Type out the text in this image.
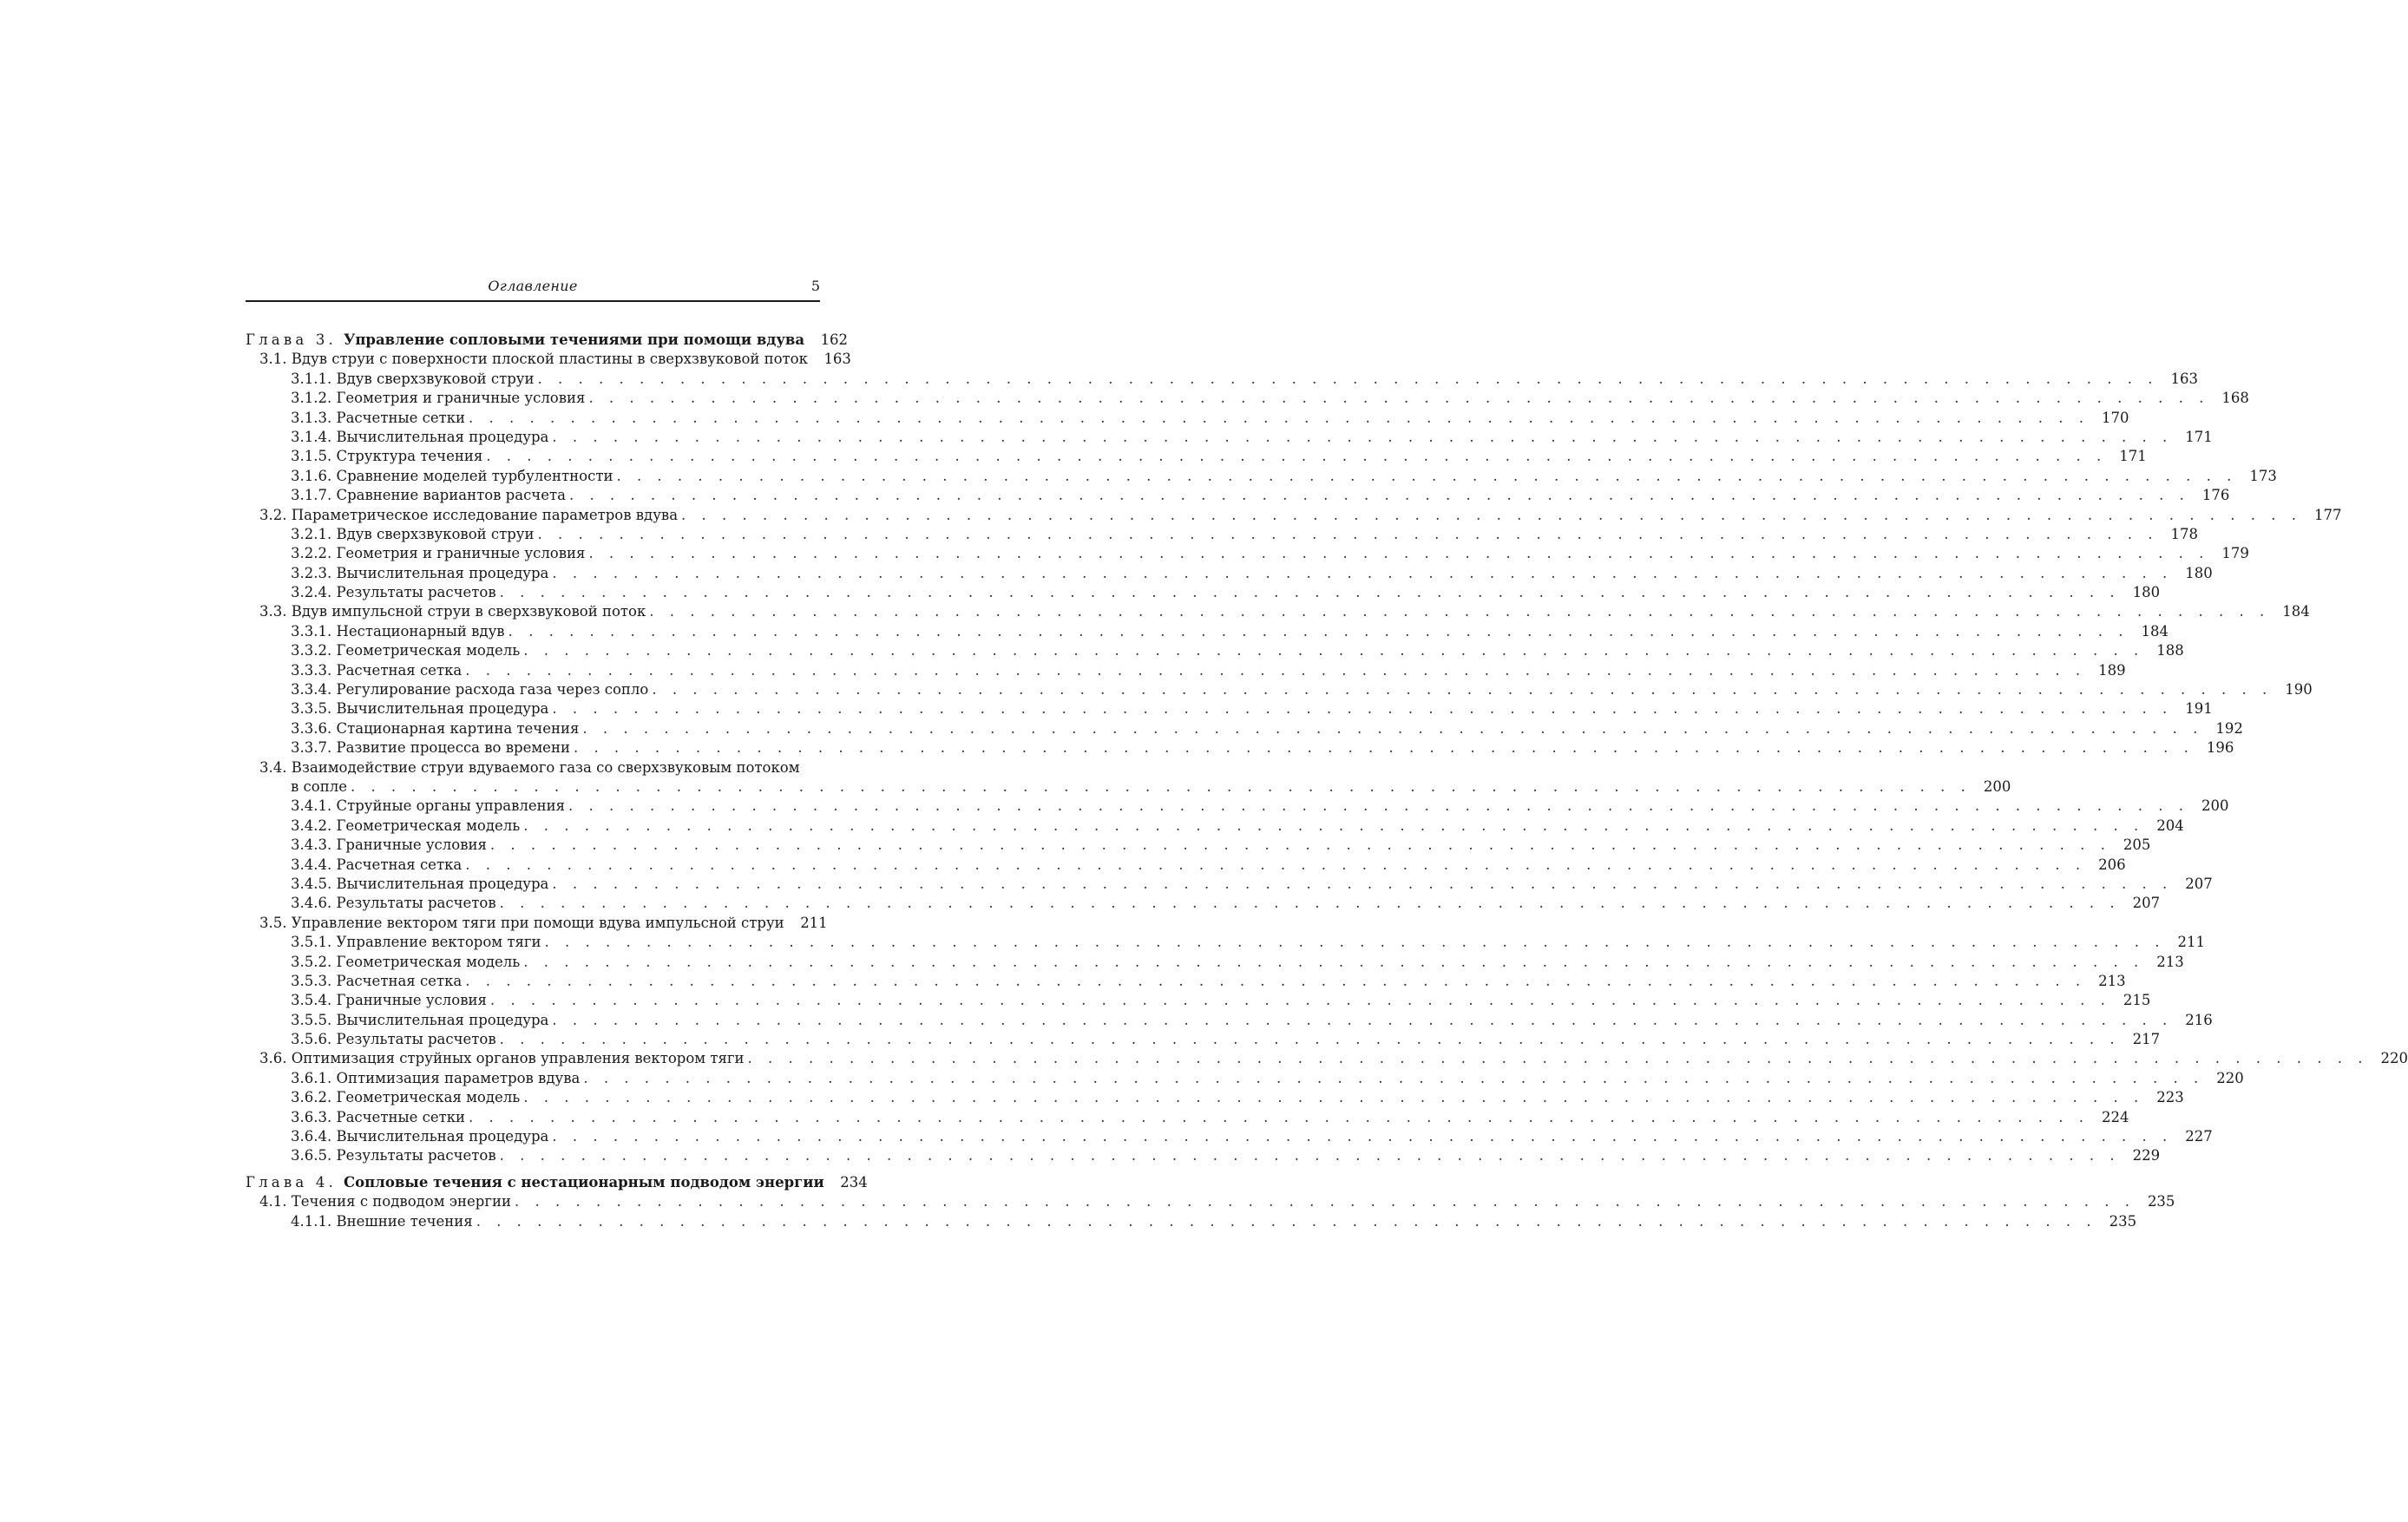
Оглавление	5
Глава 3. Управление сопловыми течениями при помощи вдува	162
3.1. Вдув струи с поверхности плоской пластины в сверхзвуковой поток	163
3.1.1. Вдув сверхзвуковой струи . . . . . . . . . . . . . . . . . . . . . . . . . . . . . . . . . . . . . . . . . . . . . . . . . . . . . . . . . . . . . . . . . . . . . . . . . . . . . . . . 163
3.1.2. Геометрия и граничные условия . . . . . . . . . . . . . . . . . . . . . . . . . . . . . . . . . . . . . . . . . . . . . . . . . . . . . . . . . . . . . . . . . . . . . . . . . . . . . . . . 168
3.1.3. Расчетные сетки . . . . . . . . . . . . . . . . . . . . . . . . . . . . . . . . . . . . . . . . . . . . . . . . . . . . . . . . . . . . . . . . . . . . . . . . . . . . . . . . 170
3.1.4. Вычислительная процедура . . . . . . . . . . . . . . . . . . . . . . . . . . . . . . . . . . . . . . . . . . . . . . . . . . . . . . . . . . . . . . . . . . . . . . . . . . . . . . . . 171
3.1.5. Структура течения . . . . . . . . . . . . . . . . . . . . . . . . . . . . . . . . . . . . . . . . . . . . . . . . . . . . . . . . . . . . . . . . . . . . . . . . . . . . . . . . 171
3.1.6. Сравнение моделей турбулентности . . . . . . . . . . . . . . . . . . . . . . . . . . . . . . . . . . . . . . . . . . . . . . . . . . . . . . . . . . . . . . . . . . . . . . . . . . . . . . . . 173
3.1.7. Сравнение вариантов расчета . . . . . . . . . . . . . . . . . . . . . . . . . . . . . . . . . . . . . . . . . . . . . . . . . . . . . . . . . . . . . . . . . . . . . . . . . . . . . . . . 176
3.2. Параметрическое исследование параметров вдува . . . . . . . . . . . . . . . . . . . . . . . . . . . . . . . . . . . . . . . . . . . . . . . . . . . . . . . . . . . . . . . . . . . . . . . . . . . . . . . . 177
3.2.1. Вдув сверхзвуковой струи . . . . . . . . . . . . . . . . . . . . . . . . . . . . . . . . . . . . . . . . . . . . . . . . . . . . . . . . . . . . . . . . . . . . . . . . . . . . . . . . 178
3.2.2. Геометрия и граничные условия . . . . . . . . . . . . . . . . . . . . . . . . . . . . . . . . . . . . . . . . . . . . . . . . . . . . . . . . . . . . . . . . . . . . . . . . . . . . . . . . 179
3.2.3. Вычислительная процедура . . . . . . . . . . . . . . . . . . . . . . . . . . . . . . . . . . . . . . . . . . . . . . . . . . . . . . . . . . . . . . . . . . . . . . . . . . . . . . . . 180
3.2.4. Результаты расчетов . . . . . . . . . . . . . . . . . . . . . . . . . . . . . . . . . . . . . . . . . . . . . . . . . . . . . . . . . . . . . . . . . . . . . . . . . . . . . . . . 180
3.3. Вдув импульсной струи в сверхзвуковой поток . . . . . . . . . . . . . . . . . . . . . . . . . . . . . . . . . . . . . . . . . . . . . . . . . . . . . . . . . . . . . . . . . . . . . . . . . . . . . . . . 184
3.3.1. Нестационарный вдув . . . . . . . . . . . . . . . . . . . . . . . . . . . . . . . . . . . . . . . . . . . . . . . . . . . . . . . . . . . . . . . . . . . . . . . . . . . . . . . . 184
3.3.2. Геометрическая модель . . . . . . . . . . . . . . . . . . . . . . . . . . . . . . . . . . . . . . . . . . . . . . . . . . . . . . . . . . . . . . . . . . . . . . . . . . . . . . . . 188
3.3.3. Расчетная сетка . . . . . . . . . . . . . . . . . . . . . . . . . . . . . . . . . . . . . . . . . . . . . . . . . . . . . . . . . . . . . . . . . . . . . . . . . . . . . . . . 189
3.3.4. Регулирование расхода газа через сопло . . . . . . . . . . . . . . . . . . . . . . . . . . . . . . . . . . . . . . . . . . . . . . . . . . . . . . . . . . . . . . . . . . . . . . . . . . . . . . . . 190
3.3.5. Вычислительная процедура . . . . . . . . . . . . . . . . . . . . . . . . . . . . . . . . . . . . . . . . . . . . . . . . . . . . . . . . . . . . . . . . . . . . . . . . . . . . . . . . 191
3.3.6. Стационарная картина течения . . . . . . . . . . . . . . . . . . . . . . . . . . . . . . . . . . . . . . . . . . . . . . . . . . . . . . . . . . . . . . . . . . . . . . . . . . . . . . . . 192
3.3.7. Развитие процесса во времени . . . . . . . . . . . . . . . . . . . . . . . . . . . . . . . . . . . . . . . . . . . . . . . . . . . . . . . . . . . . . . . . . . . . . . . . . . . . . . . . 196
3.4. Взаимодействие струи вдуваемого газа со сверхзвуковым потоком
в сопле . . . . . . . . . . . . . . . . . . . . . . . . . . . . . . . . . . . . . . . . . . . . . . . . . . . . . . . . . . . . . . . . . . . . . . . . . . . . . . . . 200
3.4.1. Струйные органы управления . . . . . . . . . . . . . . . . . . . . . . . . . . . . . . . . . . . . . . . . . . . . . . . . . . . . . . . . . . . . . . . . . . . . . . . . . . . . . . . . 200
3.4.2. Геометрическая модель . . . . . . . . . . . . . . . . . . . . . . . . . . . . . . . . . . . . . . . . . . . . . . . . . . . . . . . . . . . . . . . . . . . . . . . . . . . . . . . . 204
3.4.3. Граничные условия . . . . . . . . . . . . . . . . . . . . . . . . . . . . . . . . . . . . . . . . . . . . . . . . . . . . . . . . . . . . . . . . . . . . . . . . . . . . . . . . 205
3.4.4. Расчетная сетка . . . . . . . . . . . . . . . . . . . . . . . . . . . . . . . . . . . . . . . . . . . . . . . . . . . . . . . . . . . . . . . . . . . . . . . . . . . . . . . . 206
3.4.5. Вычислительная процедура . . . . . . . . . . . . . . . . . . . . . . . . . . . . . . . . . . . . . . . . . . . . . . . . . . . . . . . . . . . . . . . . . . . . . . . . . . . . . . . . 207
3.4.6. Результаты расчетов . . . . . . . . . . . . . . . . . . . . . . . . . . . . . . . . . . . . . . . . . . . . . . . . . . . . . . . . . . . . . . . . . . . . . . . . . . . . . . . . 207
3.5. Управление вектором тяги при помощи вдува импульсной струи	211
3.5.1. Управление вектором тяги . . . . . . . . . . . . . . . . . . . . . . . . . . . . . . . . . . . . . . . . . . . . . . . . . . . . . . . . . . . . . . . . . . . . . . . . . . . . . . . . 211
3.5.2. Геометрическая модель . . . . . . . . . . . . . . . . . . . . . . . . . . . . . . . . . . . . . . . . . . . . . . . . . . . . . . . . . . . . . . . . . . . . . . . . . . . . . . . . 213
3.5.3. Расчетная сетка . . . . . . . . . . . . . . . . . . . . . . . . . . . . . . . . . . . . . . . . . . . . . . . . . . . . . . . . . . . . . . . . . . . . . . . . . . . . . . . . 213
3.5.4. Граничные условия . . . . . . . . . . . . . . . . . . . . . . . . . . . . . . . . . . . . . . . . . . . . . . . . . . . . . . . . . . . . . . . . . . . . . . . . . . . . . . . . 215
3.5.5. Вычислительная процедура . . . . . . . . . . . . . . . . . . . . . . . . . . . . . . . . . . . . . . . . . . . . . . . . . . . . . . . . . . . . . . . . . . . . . . . . . . . . . . . . 216
3.5.6. Результаты расчетов . . . . . . . . . . . . . . . . . . . . . . . . . . . . . . . . . . . . . . . . . . . . . . . . . . . . . . . . . . . . . . . . . . . . . . . . . . . . . . . . 217
3.6. Оптимизация струйных органов управления вектором тяги . . . . . . . . . . . . . . . . . . . . . . . . . . . . . . . . . . . . . . . . . . . . . . . . . . . . . . . . . . . . . . . . . . . . . . . . . . . . . . . . 220
3.6.1. Оптимизация параметров вдува . . . . . . . . . . . . . . . . . . . . . . . . . . . . . . . . . . . . . . . . . . . . . . . . . . . . . . . . . . . . . . . . . . . . . . . . . . . . . . . . 220
3.6.2. Геометрическая модель . . . . . . . . . . . . . . . . . . . . . . . . . . . . . . . . . . . . . . . . . . . . . . . . . . . . . . . . . . . . . . . . . . . . . . . . . . . . . . . . 223
3.6.3. Расчетные сетки . . . . . . . . . . . . . . . . . . . . . . . . . . . . . . . . . . . . . . . . . . . . . . . . . . . . . . . . . . . . . . . . . . . . . . . . . . . . . . . . 224
3.6.4. Вычислительная процедура . . . . . . . . . . . . . . . . . . . . . . . . . . . . . . . . . . . . . . . . . . . . . . . . . . . . . . . . . . . . . . . . . . . . . . . . . . . . . . . . 227
3.6.5. Результаты расчетов . . . . . . . . . . . . . . . . . . . . . . . . . . . . . . . . . . . . . . . . . . . . . . . . . . . . . . . . . . . . . . . . . . . . . . . . . . . . . . . . 229
Глава 4. Сопловые течения с нестационарным подводом энергии	234
4.1. Течения с подводом энергии . . . . . . . . . . . . . . . . . . . . . . . . . . . . . . . . . . . . . . . . . . . . . . . . . . . . . . . . . . . . . . . . . . . . . . . . . . . . . . . . 235
4.1.1. Внешние течения . . . . . . . . . . . . . . . . . . . . . . . . . . . . . . . . . . . . . . . . . . . . . . . . . . . . . . . . . . . . . . . . . . . . . . . . . . . . . . . . 235
